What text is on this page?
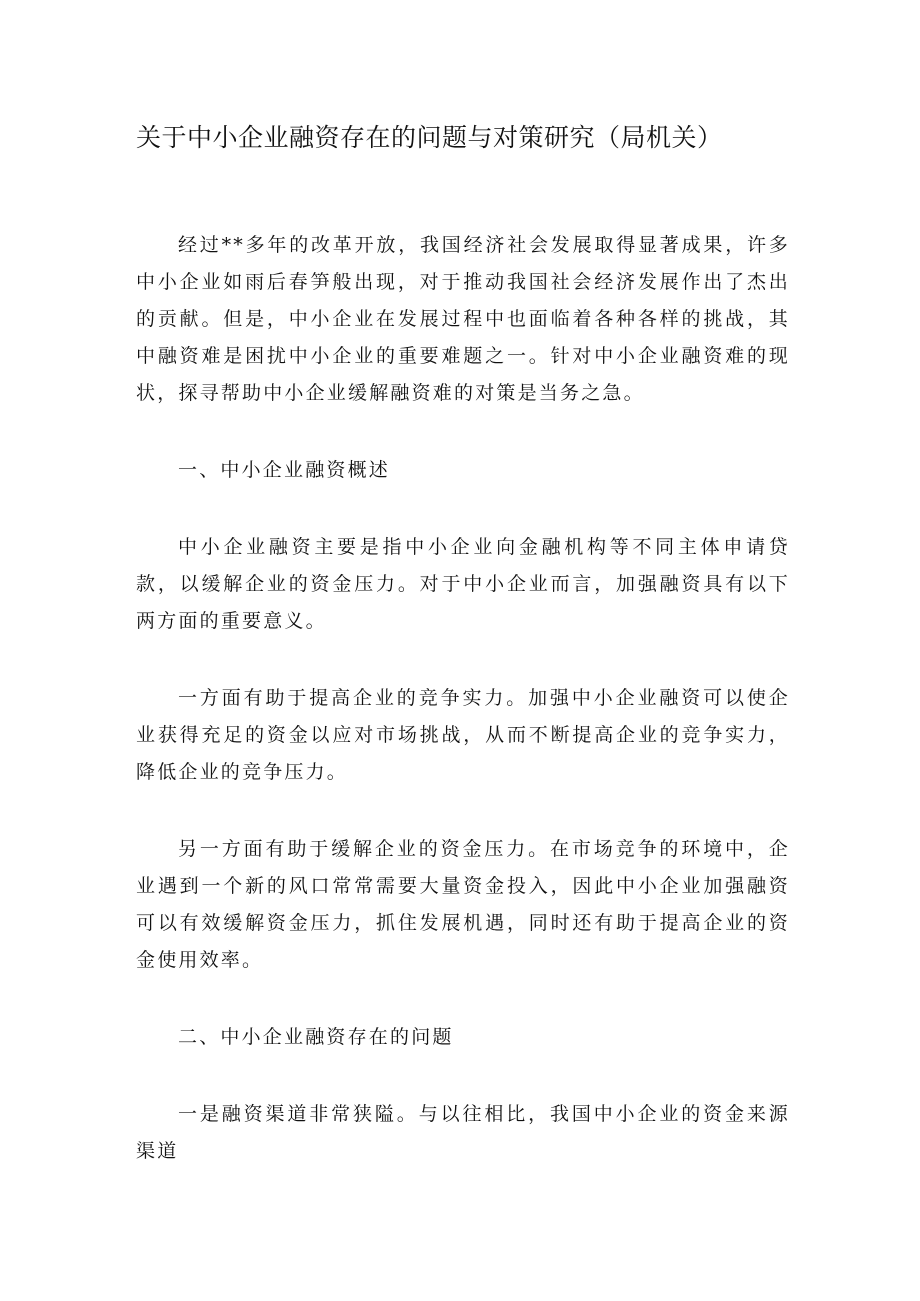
关于中小企业融资存在的问题与对策研究（局机关）

经过**多年的改革开放，我国经济社会发展取得显著成果，许多中小企业如雨后春笋般出现，对于推动我国社会经济发展作出了杰出的贡献。但是，中小企业在发展过程中也面临着各种各样的挑战，其中融资难是困扰中小企业的重要难题之一。针对中小企业融资难的现状，探寻帮助中小企业缓解融资难的对策是当务之急。

一、中小企业融资概述

中小企业融资主要是指中小企业向金融机构等不同主体申请贷款，以缓解企业的资金压力。对于中小企业而言，加强融资具有以下两方面的重要意义。

一方面有助于提高企业的竞争实力。加强中小企业融资可以使企业获得充足的资金以应对市场挑战，从而不断提高企业的竞争实力，降低企业的竞争压力。

另一方面有助于缓解企业的资金压力。在市场竞争的环境中，企业遇到一个新的风口常常需要大量资金投入，因此中小企业加强融资可以有效缓解资金压力，抓住发展机遇，同时还有助于提高企业的资金使用效率。

二、中小企业融资存在的问题

一是融资渠道非常狭隘。与以往相比，我国中小企业的资金来源渠道
